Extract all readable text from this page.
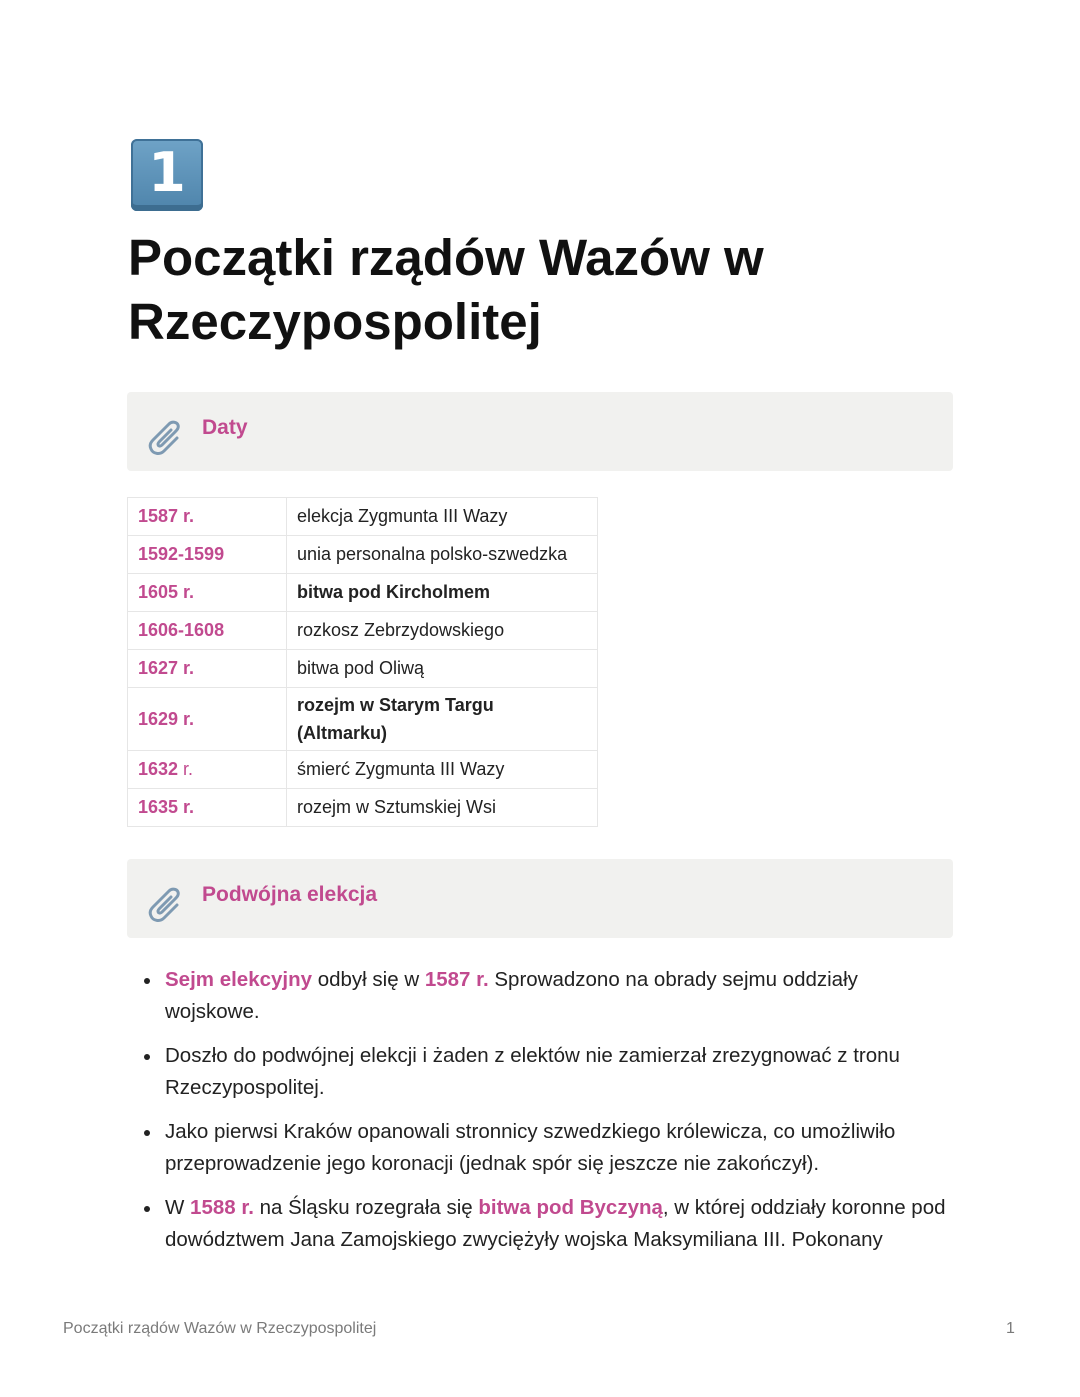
1
Początki rządów Wazów w Rzeczypospolitej
Daty
1587 r.	elekcja Zygmunta III Wazy
1592-1599	unia personalna polsko-szwedzka
1605 r.	bitwa pod Kircholmem
1606-1608	rozkosz Zebrzydowskiego
1627 r.	bitwa pod Oliwą
1629 r.	rozejm w Starym Targu (Altmarku)
1632 r.	śmierć Zygmunta III Wazy
1635 r.	rozejm w Sztumskiej Wsi
Podwójna elekcja
Sejm elekcyjny odbył się w 1587 r. Sprowadzono na obrady sejmu oddziały wojskowe.
Doszło do podwójnej elekcji i żaden z elektów nie zamierzał zrezygnować z tronu Rzeczypospolitej.
Jako pierwsi Kraków opanowali stronnicy szwedzkiego królewicza, co umożliwiło przeprowadzenie jego koronacji (jednak spór się jeszcze nie zakończył).
W 1588 r. na Śląsku rozegrała się bitwa pod Byczyną, w której oddziały koronne pod dowództwem Jana Zamojskiego zwyciężyły wojska Maksymiliana III. Pokonany
Początki rządów Wazów w Rzeczypospolitej	1
